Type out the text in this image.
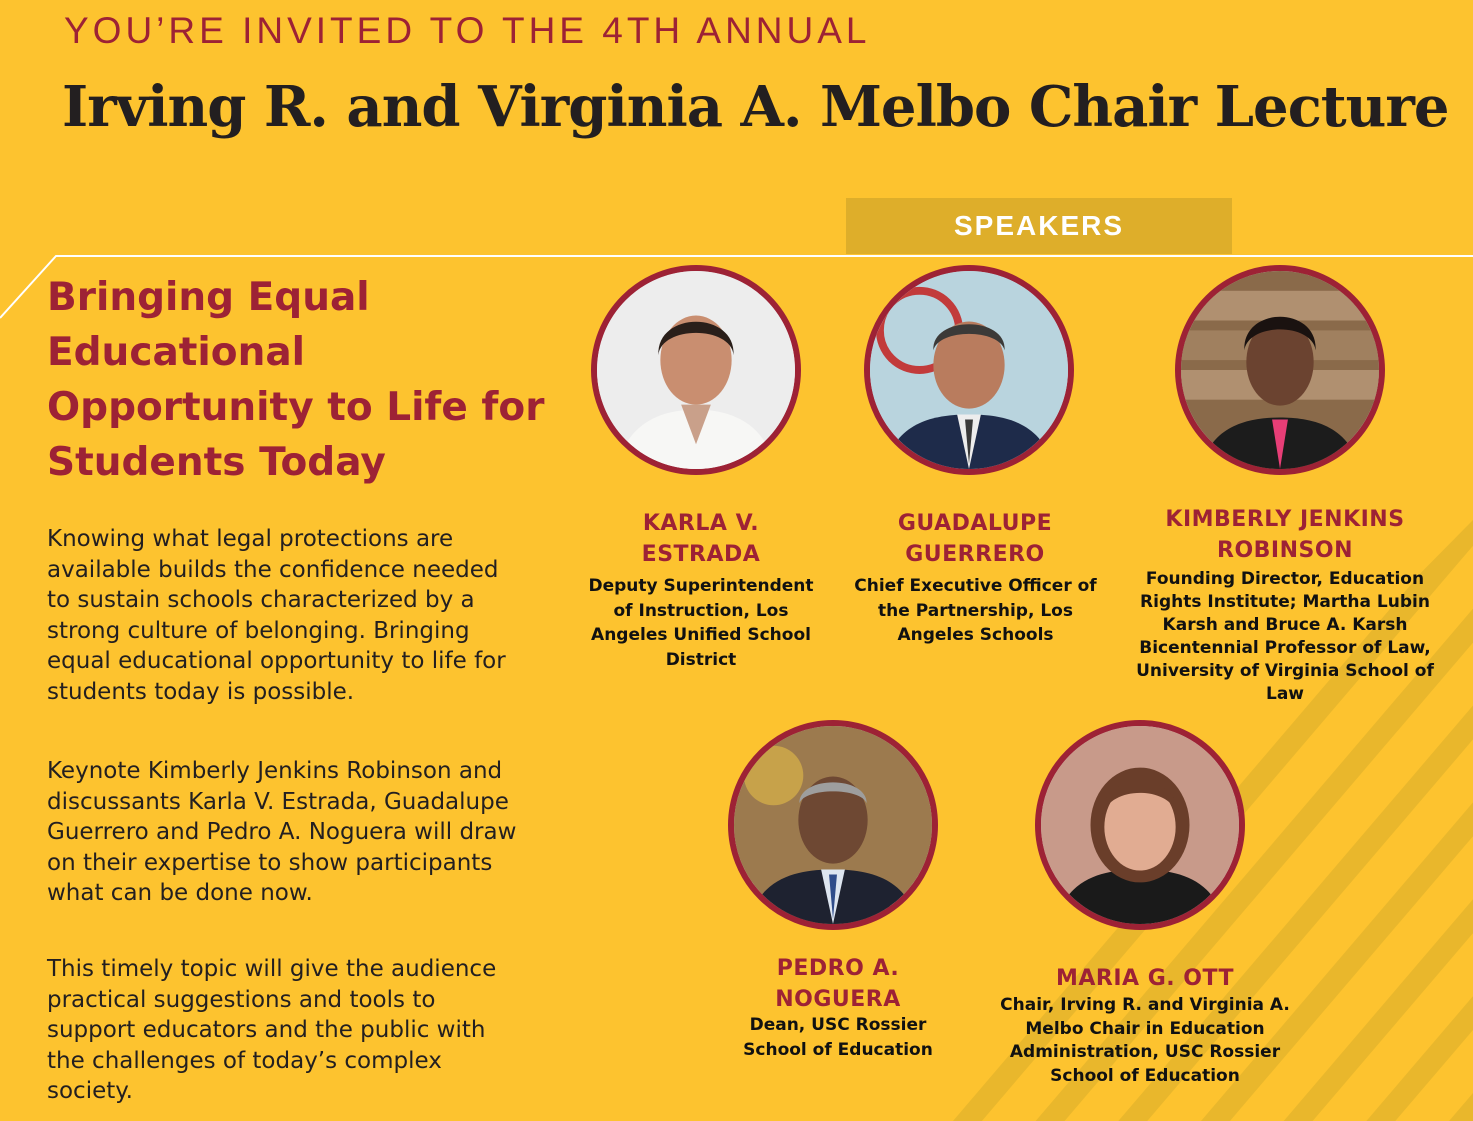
YOU’RE INVITED TO THE 4TH ANNUAL
Irving R. and Virginia A. Melbo Chair Lecture
SPEAKERS
Bringing Equal Educational Opportunity to Life for Students Today

Knowing what legal protections are available builds the confidence needed to sustain schools characterized by a strong culture of belonging. Bringing equal educational opportunity to life for students today is possible.

Keynote Kimberly Jenkins Robinson and discussants Karla V. Estrada, Guadalupe Guerrero and Pedro A. Noguera will draw on their expertise to show participants what can be done now.

This timely topic will give the audience practical suggestions and tools to support educators and the public with the challenges of today’s complex society.

KARLA V. ESTRADA

Deputy Superintendent of Instruction, Los Angeles Unified School District

GUADALUPE GUERRERO

Chief Executive Officer of the Partnership, Los Angeles Schools

KIMBERLY JENKINS ROBINSON

Founding Director, Education Rights Institute; Martha Lubin Karsh and Bruce A. Karsh Bicentennial Professor of Law, University of Virginia School of Law

PEDRO A. NOGUERA

Dean, USC Rossier School of Education

MARIA G. OTT

Chair, Irving R. and Virginia A. Melbo Chair in Education Administration, USC Rossier School of Education
